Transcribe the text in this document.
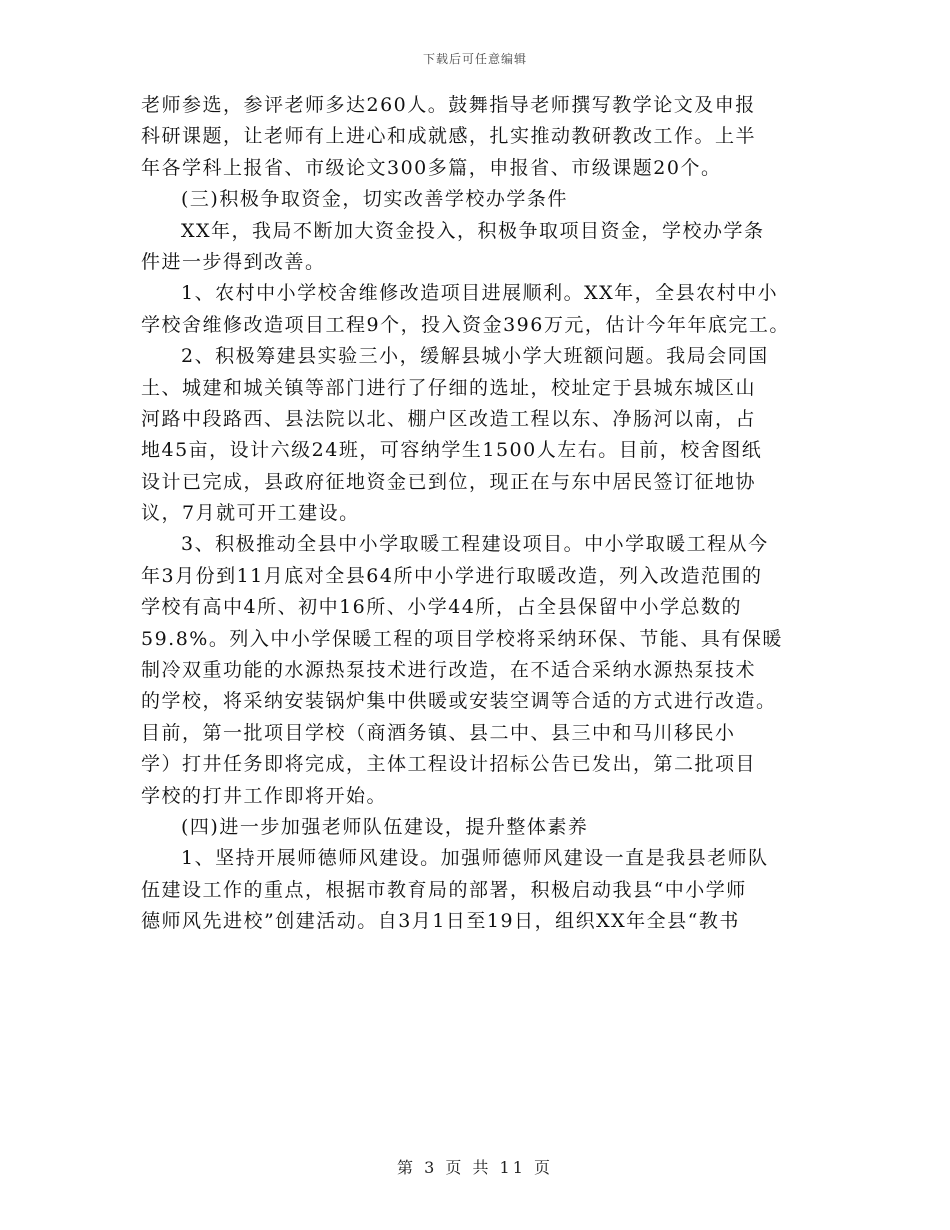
下载后可任意编辑
老师参选，参评老师多达260人。鼓舞指导老师撰写教学论文及申报
科研课题，让老师有上进心和成就感，扎实推动教研教改工作。上半
年各学科上报省、市级论文300多篇，申报省、市级课题20个。
(三)积极争取资金，切实改善学校办学条件
XX年，我局不断加大资金投入，积极争取项目资金，学校办学条
件进一步得到改善。
1、农村中小学校舍维修改造项目进展顺利。XX年，全县农村中小
学校舍维修改造项目工程9个，投入资金396万元，估计今年年底完工。
2、积极筹建县实验三小，缓解县城小学大班额问题。我局会同国
土、城建和城关镇等部门进行了仔细的选址，校址定于县城东城区山
河路中段路西、县法院以北、棚户区改造工程以东、净肠河以南，占
地45亩，设计六级24班，可容纳学生1500人左右。目前，校舍图纸
设计已完成，县政府征地资金已到位，现正在与东中居民签订征地协
议，7月就可开工建设。
3、积极推动全县中小学取暖工程建设项目。中小学取暖工程从今
年3月份到11月底对全县64所中小学进行取暖改造，列入改造范围的
学校有高中4所、初中16所、小学44所，占全县保留中小学总数的
59.8%。列入中小学保暖工程的项目学校将采纳环保、节能、具有保暖
制冷双重功能的水源热泵技术进行改造，在不适合采纳水源热泵技术
的学校，将采纳安装锅炉集中供暖或安装空调等合适的方式进行改造。
目前，第一批项目学校（商酒务镇、县二中、县三中和马川移民小
学）打井任务即将完成，主体工程设计招标公告已发出，第二批项目
学校的打井工作即将开始。
(四)进一步加强老师队伍建设，提升整体素养
1、坚持开展师德师风建设。加强师德师风建设一直是我县老师队
伍建设工作的重点，根据市教育局的部署，积极启动我县“中小学师
德师风先进校”创建活动。自3月1日至19日，组织XX年全县“教书
第 3 页 共 11 页
